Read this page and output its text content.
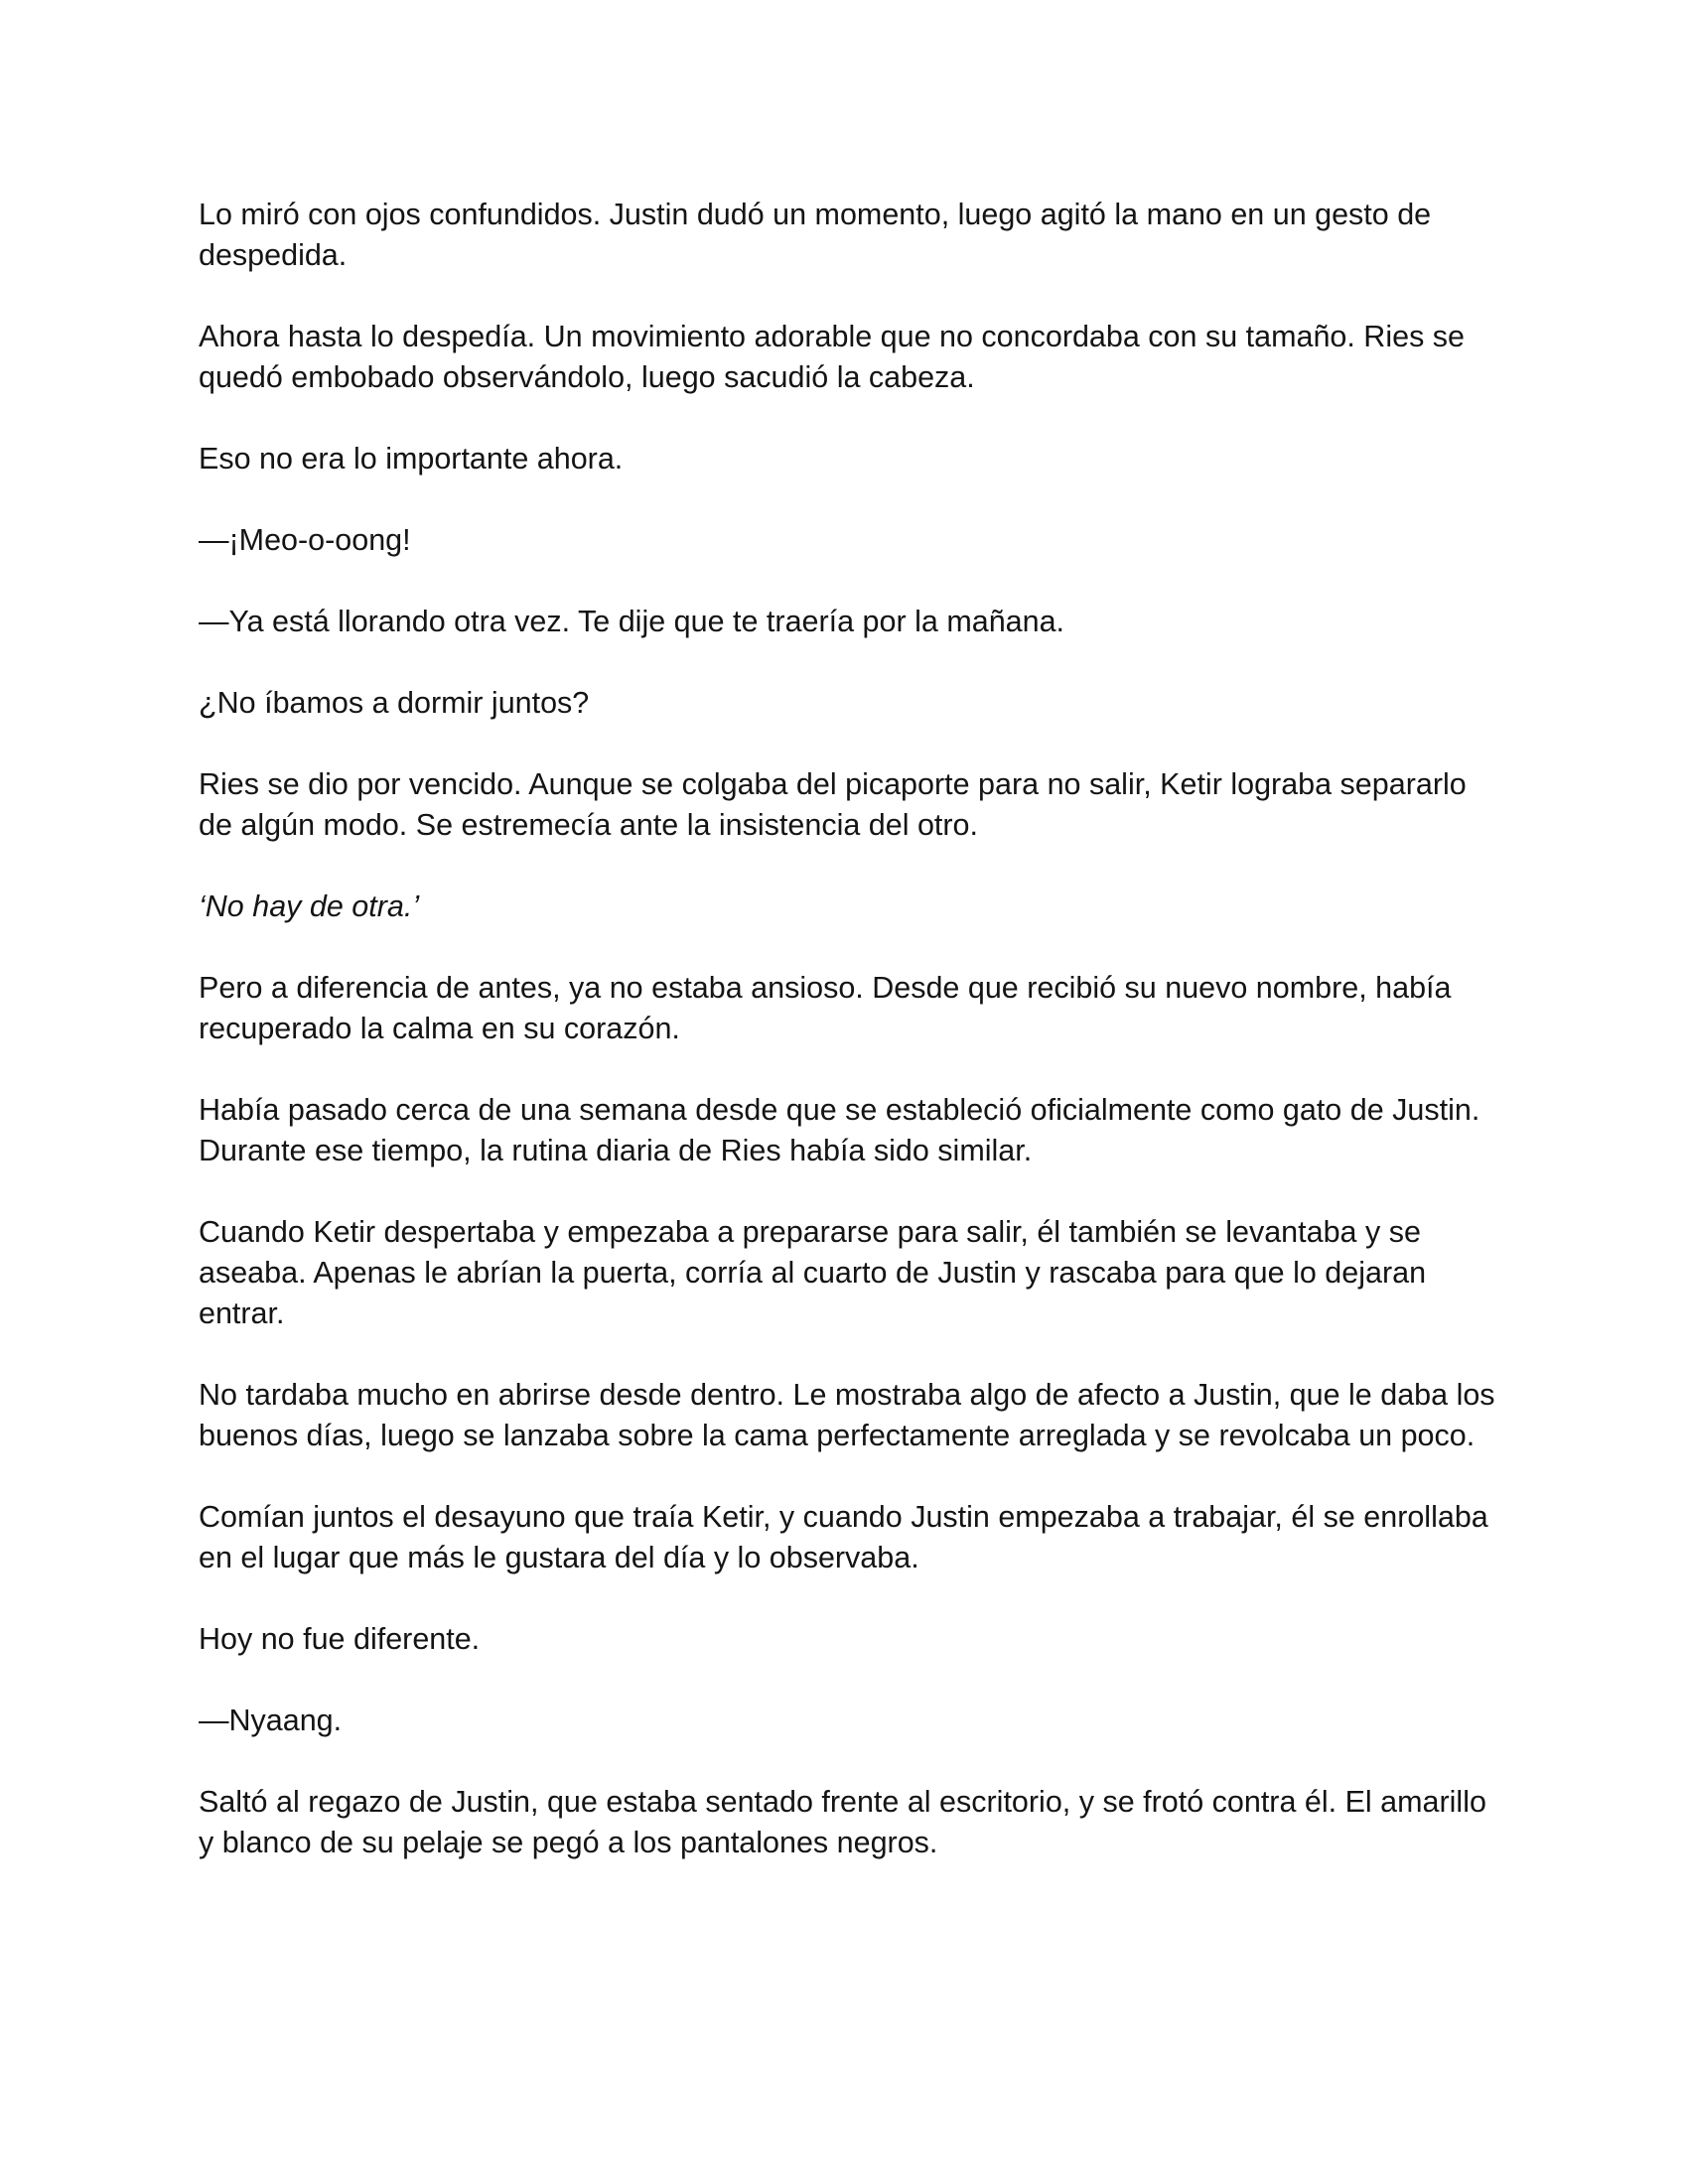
Lo miró con ojos confundidos. Justin dudó un momento, luego agitó la mano en un gesto de despedida.

Ahora hasta lo despedía. Un movimiento adorable que no concordaba con su tamaño. Ries se quedó embobado observándolo, luego sacudió la cabeza.

Eso no era lo importante ahora.

—¡Meo-o-oong!

—Ya está llorando otra vez. Te dije que te traería por la mañana.

¿No íbamos a dormir juntos?

Ries se dio por vencido. Aunque se colgaba del picaporte para no salir, Ketir lograba separarlo de algún modo. Se estremecía ante la insistencia del otro.

‘No hay de otra.’

Pero a diferencia de antes, ya no estaba ansioso. Desde que recibió su nuevo nombre, había recuperado la calma en su corazón.

Había pasado cerca de una semana desde que se estableció oficialmente como gato de Justin. Durante ese tiempo, la rutina diaria de Ries había sido similar.

Cuando Ketir despertaba y empezaba a prepararse para salir, él también se levantaba y se aseaba. Apenas le abrían la puerta, corría al cuarto de Justin y rascaba para que lo dejaran entrar.

No tardaba mucho en abrirse desde dentro. Le mostraba algo de afecto a Justin, que le daba los buenos días, luego se lanzaba sobre la cama perfectamente arreglada y se revolcaba un poco.

Comían juntos el desayuno que traía Ketir, y cuando Justin empezaba a trabajar, él se enrollaba en el lugar que más le gustara del día y lo observaba.

Hoy no fue diferente.

—Nyaang.

Saltó al regazo de Justin, que estaba sentado frente al escritorio, y se frotó contra él. El amarillo y blanco de su pelaje se pegó a los pantalones negros.
